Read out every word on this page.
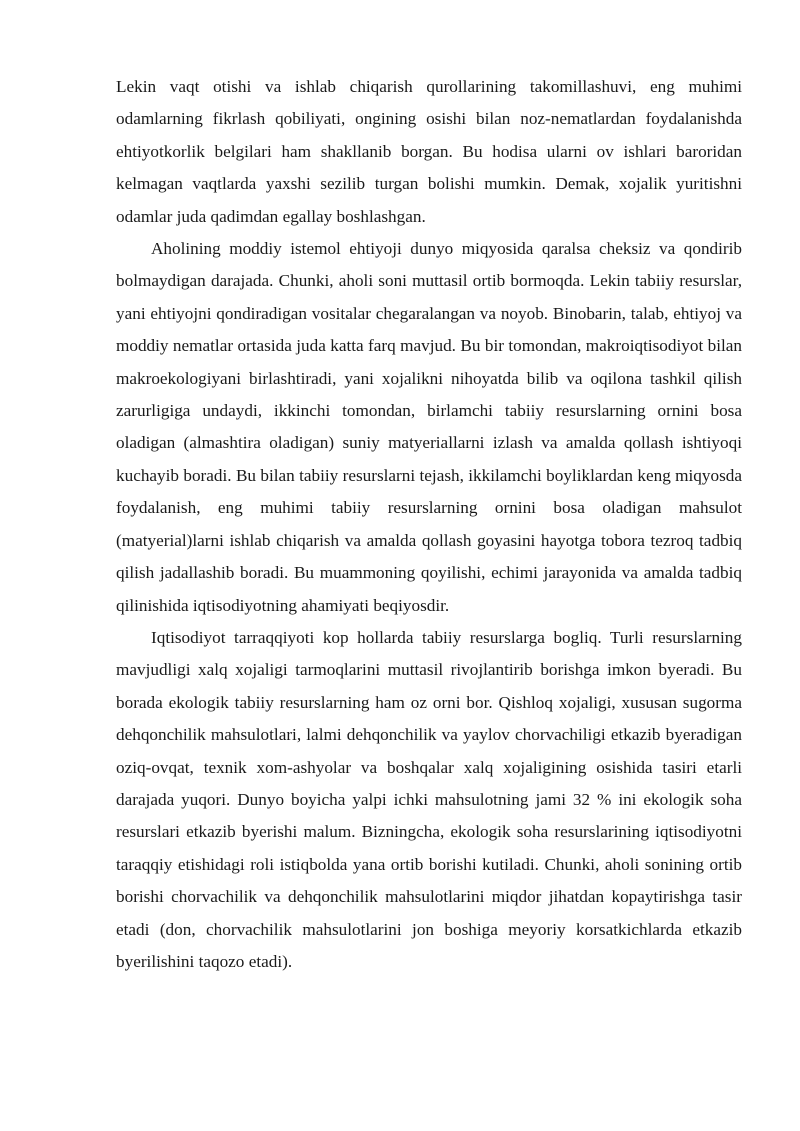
Lekin vaqt otishi va ishlab chiqarish qurollarining takomillashuvi, eng muhimi odamlarning fikrlash qobiliyati, ongining osishi bilan noz-nematlardan foydalanishda ehtiyotkorlik belgilari ham shakllanib borgan. Bu hodisa ularni ov ishlari baroridan kelmagan vaqtlarda yaxshi sezilib turgan bolishi mumkin. Demak, xojalik yuritishni odamlar juda qadimdan egallay boshlashgan.

Aholining moddiy istemol ehtiyoji dunyo miqyosida qaralsa cheksiz va qondirib bolmaydigan darajada. Chunki, aholi soni muttasil ortib bormoqda. Lekin tabiiy resurslar, yani ehtiyojni qondiradigan vositalar chegaralangan va noyob. Binobarin, talab, ehtiyoj va moddiy nematlar ortasida juda katta farq mavjud. Bu bir tomondan, makroiqtisodiyot bilan makroekologiyani birlashtiradi, yani xojalikni nihoyatda bilib va oqilona tashkil qilish zarurligiga undaydi, ikkinchi tomondan, birlamchi tabiiy resurslarning ornini bosa oladigan (almashtira oladigan) suniy matyeriallarni izlash va amalda qollash ishtiyoqi kuchayib boradi. Bu bilan tabiiy resurslarni tejash, ikkilamchi boyliklardan keng miqyosda foydalanish, eng muhimi tabiiy resurslarning ornini bosa oladigan mahsulot (matyerial)larni ishlab chiqarish va amalda qollash goyasini hayotga tobora tezroq tadbiq qilish jadallashib boradi. Bu muammoning qoyilishi, echimi jarayonida va amalda tadbiq qilinishida iqtisodiyotning ahamiyati beqiyosdir.

Iqtisodiyot tarraqqiyoti kop hollarda tabiiy resurslarga bogliq. Turli resurslarning mavjudligi xalq xojaligi tarmoqlarini muttasil rivojlantirib borishga imkon byeradi. Bu borada ekologik tabiiy resurslarning ham oz orni bor. Qishloq xojaligi, xususan sugorma dehqonchilik mahsulotlari, lalmi dehqonchilik va yaylov chorvachiligi etkazib byeradigan oziq-ovqat, texnik xom-ashyolar va boshqalar xalq xojaligining osishida tasiri etarli darajada yuqori. Dunyo boyicha yalpi ichki mahsulotning jami 32 % ini ekologik soha resurslari etkazib byerishi malum. Bizningcha, ekologik soha resurslarining iqtisodiyotni taraqqiy etishidagi roli istiqbolda yana ortib borishi kutiladi. Chunki, aholi sonining ortib borishi chorvachilik va dehqonchilik mahsulotlarini miqdor jihatdan kopaytirishga tasir etadi (don, chorvachilik mahsulotlarini jon boshiga meyoriy korsatkichlarda etkazib byerilishini taqozo etadi).
